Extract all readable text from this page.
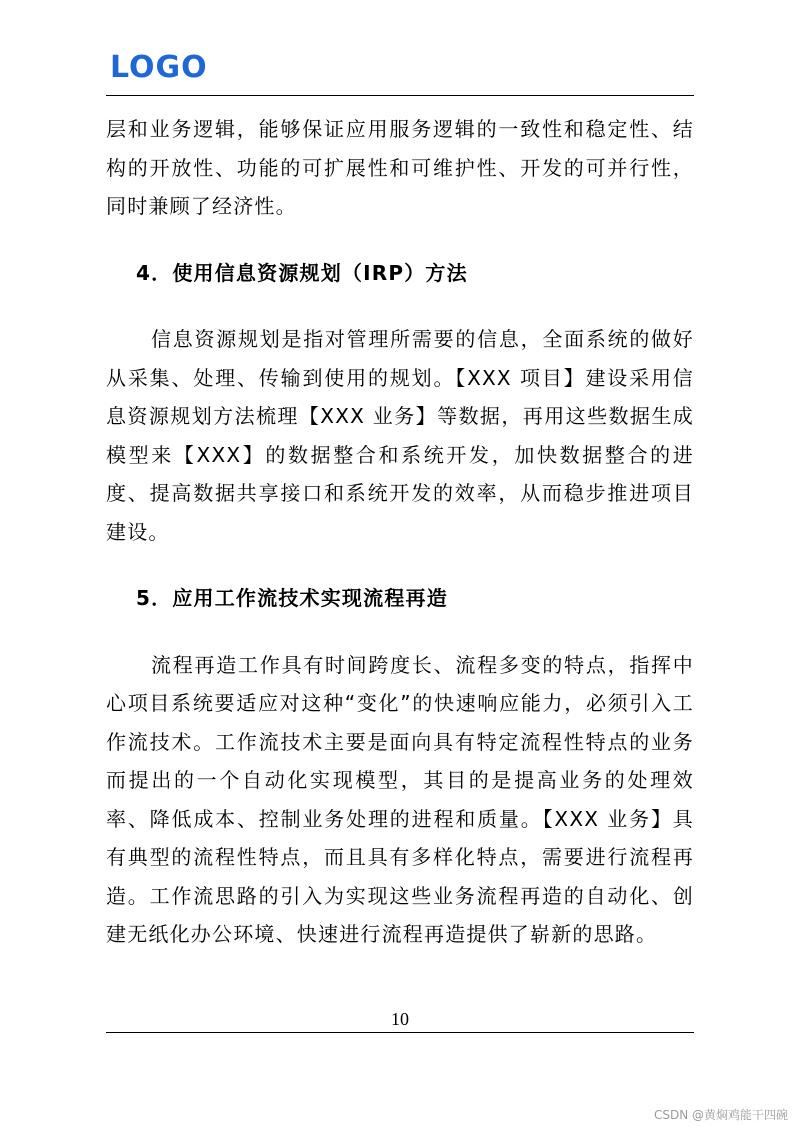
LOGO

层和业务逻辑，能够保证应用服务逻辑的一致性和稳定性、结构的开放性、功能的可扩展性和可维护性、开发的可并行性，同时兼顾了经济性。

4．使用信息资源规划（IRP）方法

信息资源规划是指对管理所需要的信息，全面系统的做好从采集、处理、传输到使用的规划。【XXX 项目】建设采用信息资源规划方法梳理【XXX 业务】等数据，再用这些数据生成模型来【XXX】的数据整合和系统开发，加快数据整合的进度、提高数据共享接口和系统开发的效率，从而稳步推进项目建设。

5．应用工作流技术实现流程再造

流程再造工作具有时间跨度长、流程多变的特点，指挥中心项目系统要适应对这种“变化”的快速响应能力，必须引入工作流技术。工作流技术主要是面向具有特定流程性特点的业务而提出的一个自动化实现模型，其目的是提高业务的处理效率、降低成本、控制业务处理的进程和质量。【XXX 业务】具有典型的流程性特点，而且具有多样化特点，需要进行流程再造。工作流思路的引入为实现这些业务流程再造的自动化、创建无纸化办公环境、快速进行流程再造提供了崭新的思路。

10
CSDN @黄焖鸡能干四碗
